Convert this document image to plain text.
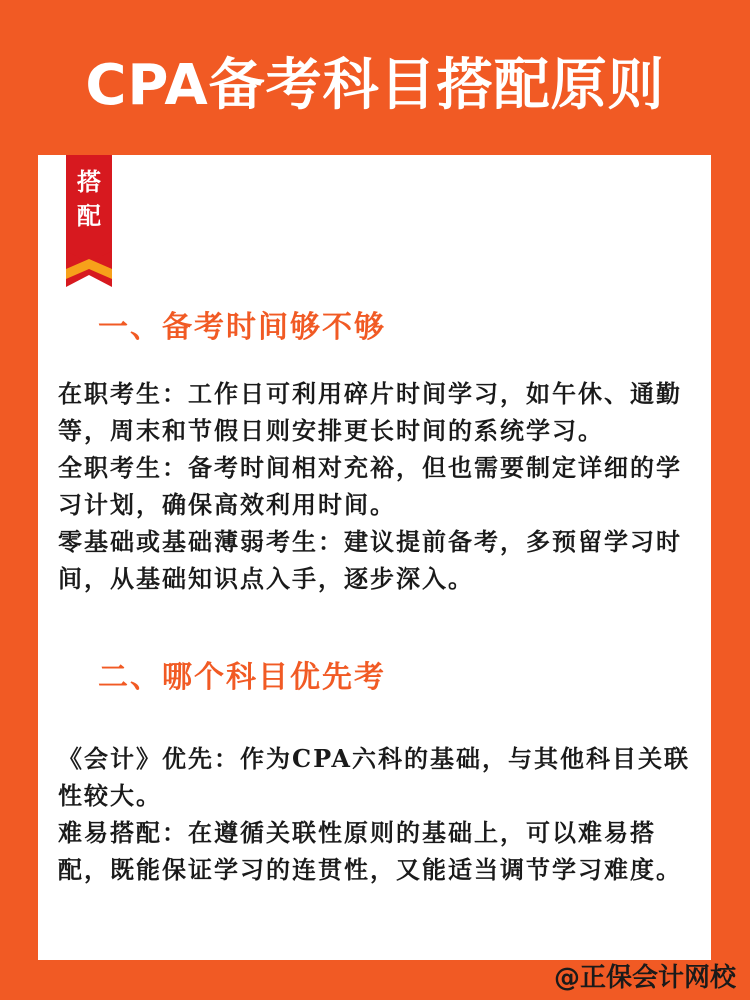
CPA备考科目搭配原则
搭
配
一、备考时间够不够

在职考生：工作日可利用碎片时间学习，如午休、通勤等，周末和节假日则安排更长时间的系统学习。

全职考生：备考时间相对充裕，但也需要制定详细的学习计划，确保高效利用时间。

零基础或基础薄弱考生：建议提前备考，多预留学习时间，从基础知识点入手，逐步深入。

二、哪个科目优先考

《会计》优先：作为CPA六科的基础，与其他科目关联性较大。

难易搭配：在遵循关联性原则的基础上，可以难易搭配，既能保证学习的连贯性，又能适当调节学习难度。

@正保会计网校
